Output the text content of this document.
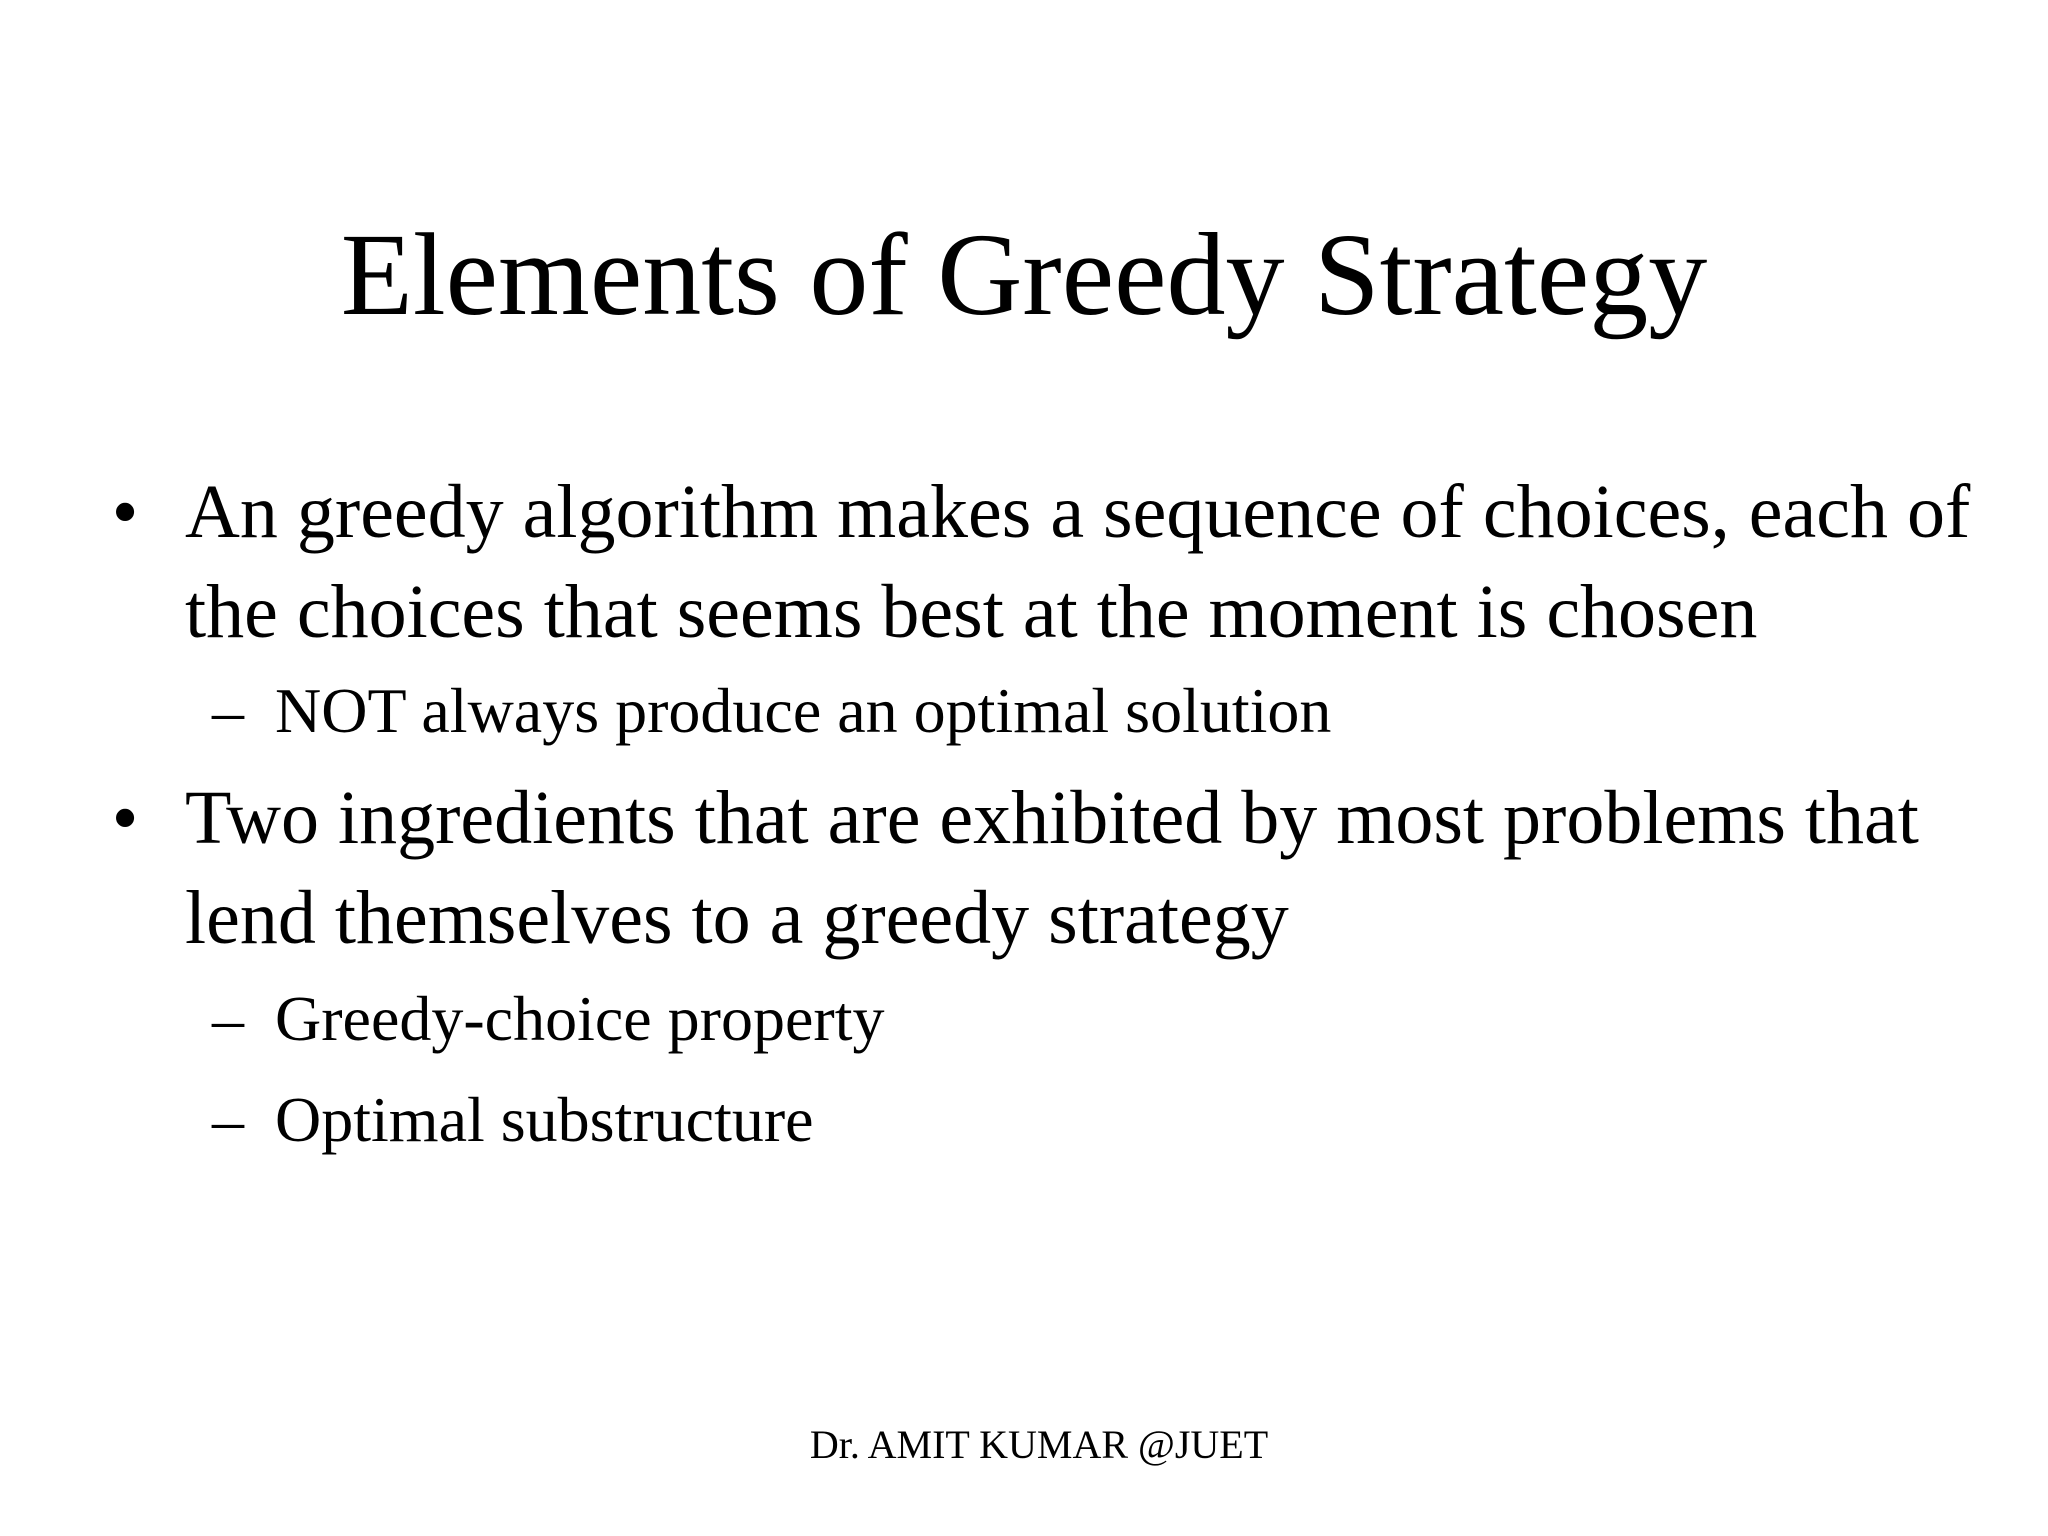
Elements of Greedy Strategy
• An greedy algorithm makes a sequence of choices, each of the choices that seems best at the moment is chosen
– NOT always produce an optimal solution
• Two ingredients that are exhibited by most problems that lend themselves to a greedy strategy
– Greedy-choice property
– Optimal substructure
Dr. AMIT KUMAR @JUET
